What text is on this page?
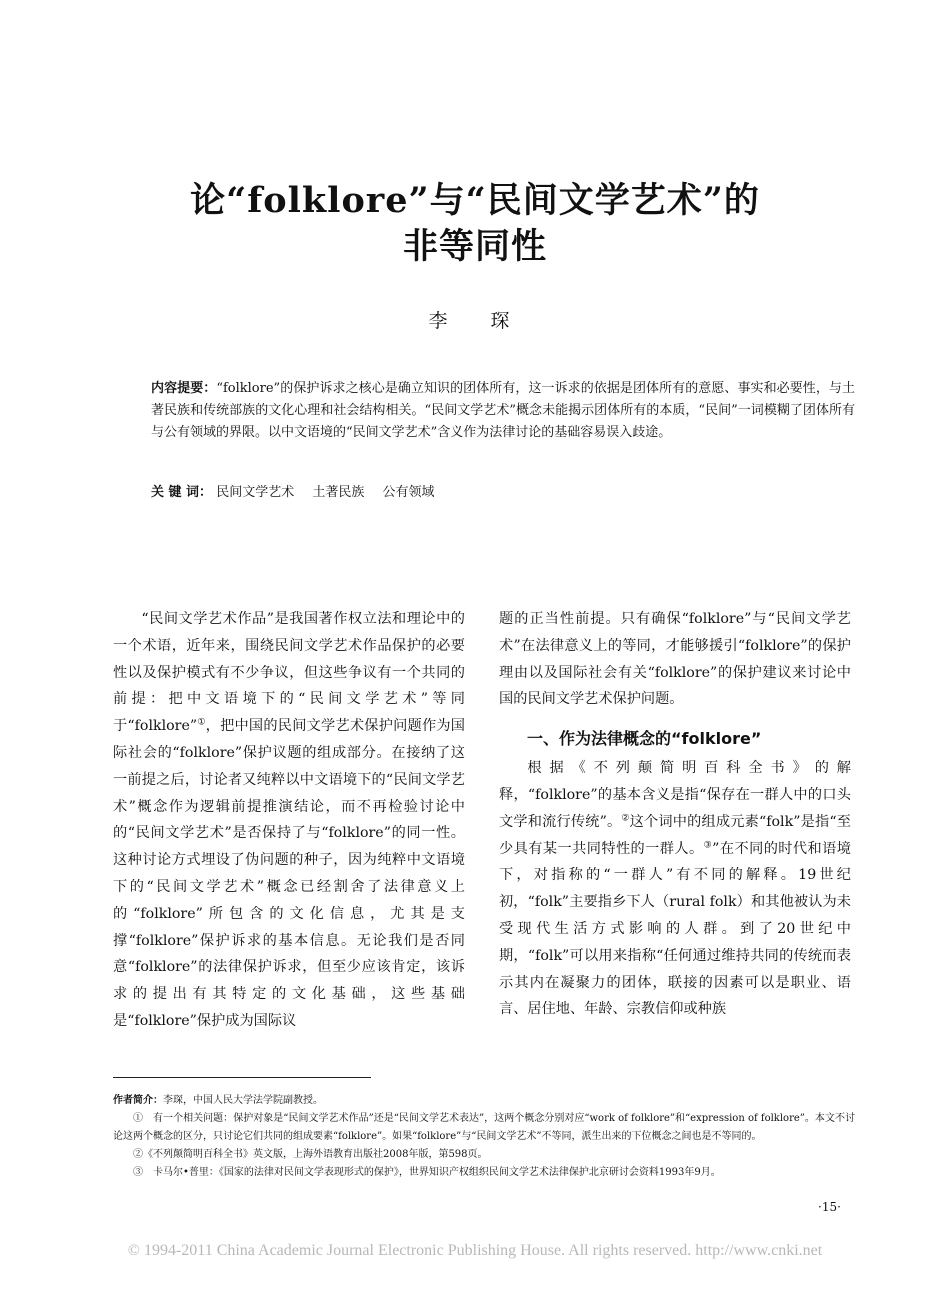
论“folklore”与“民间文学艺术”的
非等同性
李　琛
内容提要：“folklore”的保护诉求之核心是确立知识的团体所有，这一诉求的依据是团体所有的意愿、事实和必要性，与土著民族和传统部族的文化心理和社会结构相关。“民间文学艺术”概念未能揭示团体所有的本质，“民间”一词模糊了团体所有与公有领域的界限。以中文语境的“民间文学艺术”含义作为法律讨论的基础容易误入歧途。
关 键 词： 民间文学艺术 土著民族 公有领域

“民间文学艺术作品”是我国著作权立法和理论中的一个术语，近年来，围绕民间文学艺术作品保护的必要性以及保护模式有不少争议，但这些争议有一个共同的前提：把中文语境下的“民间文学艺术”等同于“folklore”①，把中国的民间文学艺术保护问题作为国际社会的“folklore”保护议题的组成部分。在接纳了这一前提之后，讨论者又纯粹以中文语境下的“民间文学艺术”概念作为逻辑前提推演结论，而不再检验讨论中的“民间文学艺术”是否保持了与“folklore”的同一性。这种讨论方式埋设了伪问题的种子，因为纯粹中文语境下的“民间文学艺术”概念已经割舍了法律意义上的“folklore”所包含的文化信息，尤其是支撑“folklore”保护诉求的基本信息。无论我们是否同意“folklore”的法律保护诉求，但至少应该肯定，该诉求的提出有其特定的文化基础，这些基础是“folklore”保护成为国际议

题的正当性前提。只有确保“folklore”与“民间文学艺术”在法律意义上的等同，才能够援引“folklore”的保护理由以及国际社会有关“folklore”的保护建议来讨论中国的民间文学艺术保护问题。

一、作为法律概念的“folklore”

根据《不列颠简明百科全书》的解释，“folklore”的基本含义是指“保存在一群人中的口头文学和流行传统”。②这个词中的组成元素“folk”是指“至少具有某一共同特性的一群人。③”在不同的时代和语境下，对指称的“一群人”有不同的解释。19世纪初，“folk”主要指乡下人（rural folk）和其他被认为未受现代生活方式影响的人群。到了20世纪中期，“folk”可以用来指称“任何通过维持共同的传统而表示其内在凝聚力的团体，联接的因素可以是职业、语言、居住地、年龄、宗教信仰或种族

作者简介：李琛，中国人民大学法学院副教授。

①　有一个相关问题：保护对象是“民间文学艺术作品”还是“民间文学艺术表达”，这两个概念分别对应“work of folklore”和“expression of folklore”。本文不讨论这两个概念的区分，只讨论它们共同的组成要素“folklore”。如果“folklore”与“民间文学艺术”不等同，派生出来的下位概念之间也是不等同的。

②《不列颠简明百科全书》英文版，上海外语教育出版社2008年版，第598页。

③　卡马尔•普里：《国家的法律对民间文学表现形式的保护》，世界知识产权组织民间文学艺术法律保护北京研讨会资料1993年9月。

·15·
© 1994-2011 China Academic Journal Electronic Publishing House. All rights reserved. http://www.cnki.net
